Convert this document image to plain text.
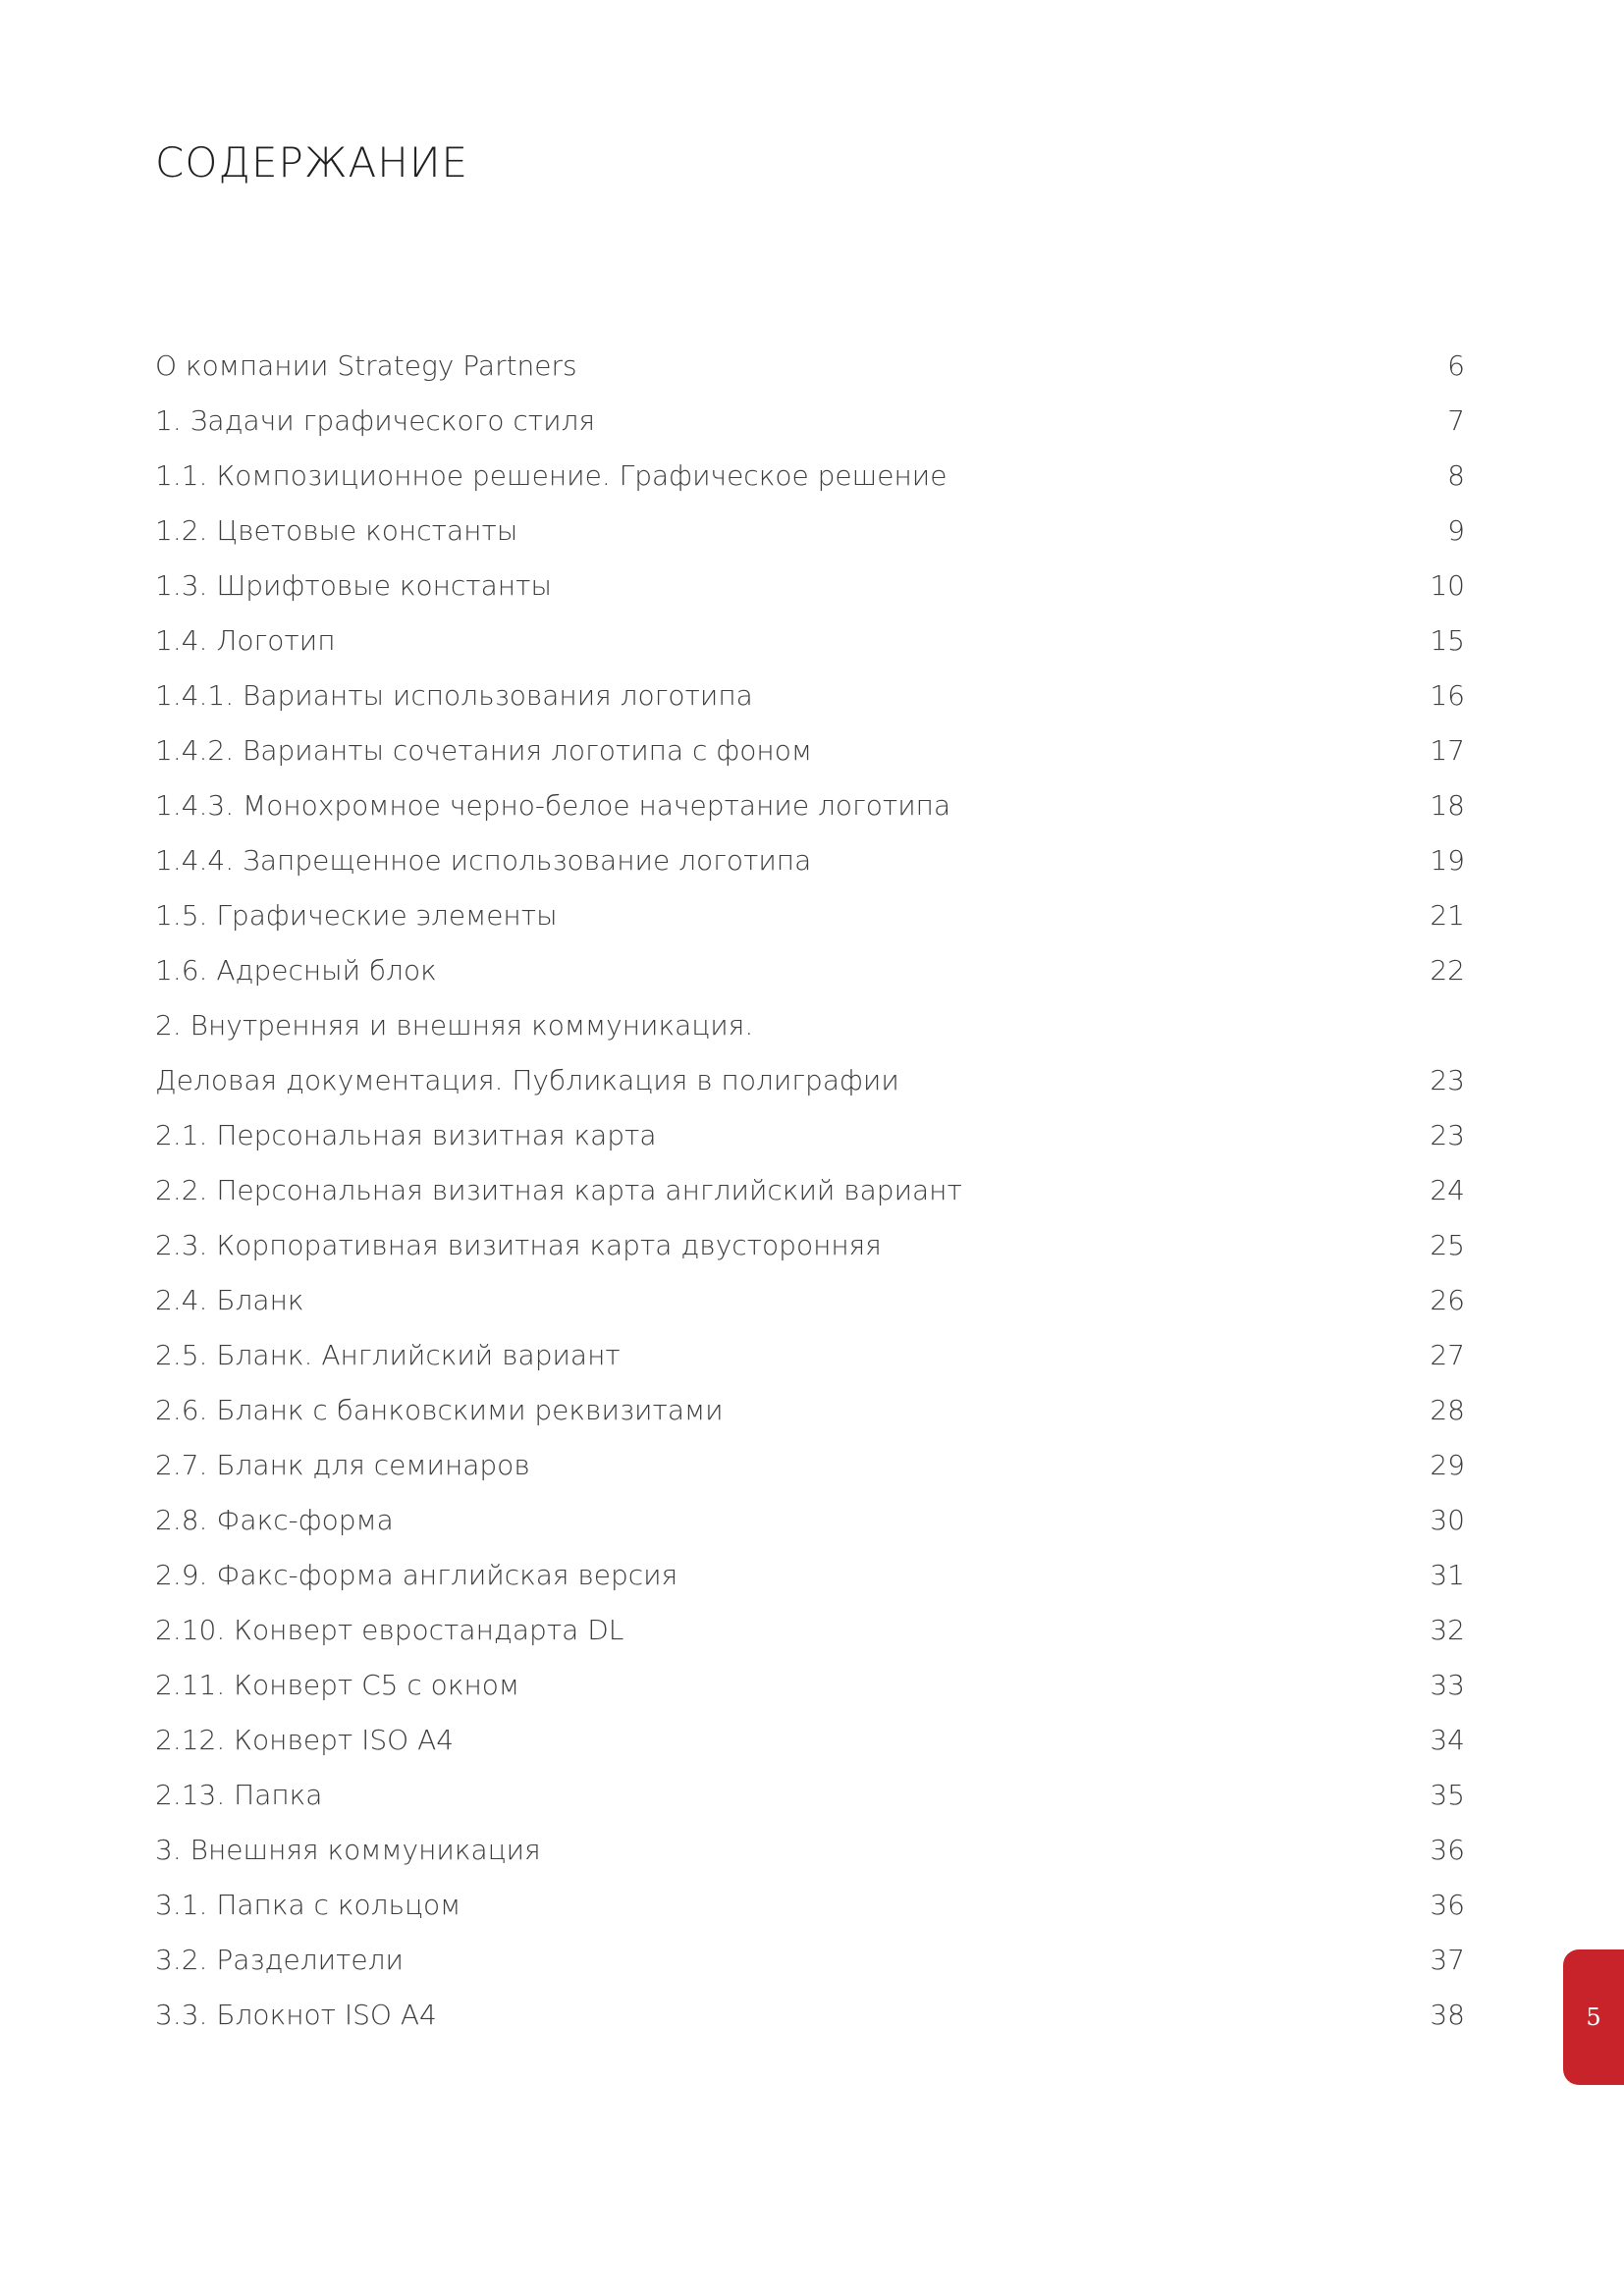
СОДЕРЖАНИЕ
О компании Strategy Partners	6
1. Задачи графического стиля	7
1.1. Композиционное решение. Графическое решение	8
1.2. Цветовые константы	9
1.3. Шрифтовые константы	10
1.4. Логотип	15
1.4.1. Варианты использования логотипа	16
1.4.2. Варианты сочетания логотипа с фоном	17
1.4.3. Монохромное черно-белое начертание логотипа	18
1.4.4. Запрещенное использование логотипа	19
1.5. Графические элементы	21
1.6. Адресный блок	22
2. Внутренняя и внешняя коммуникация.
Деловая документация. Публикация в полиграфии	23
2.1. Персональная визитная карта	23
2.2. Персональная визитная карта английский вариант	24
2.3. Корпоративная визитная карта двусторонняя	25
2.4. Бланк	26
2.5. Бланк. Английский вариант	27
2.6. Бланк с банковскими реквизитами	28
2.7. Бланк для семинаров	29
2.8. Факс-форма	30
2.9. Факс-форма английская версия	31
2.10. Конверт евростандарта DL	32
2.11. Конверт С5 с окном	33
2.12. Конверт ISO A4	34
2.13. Папка	35
3. Внешняя коммуникация	36
3.1. Папка с кольцом	36
3.2. Разделители	37
3.3. Блокнот ISO A4	38	5
